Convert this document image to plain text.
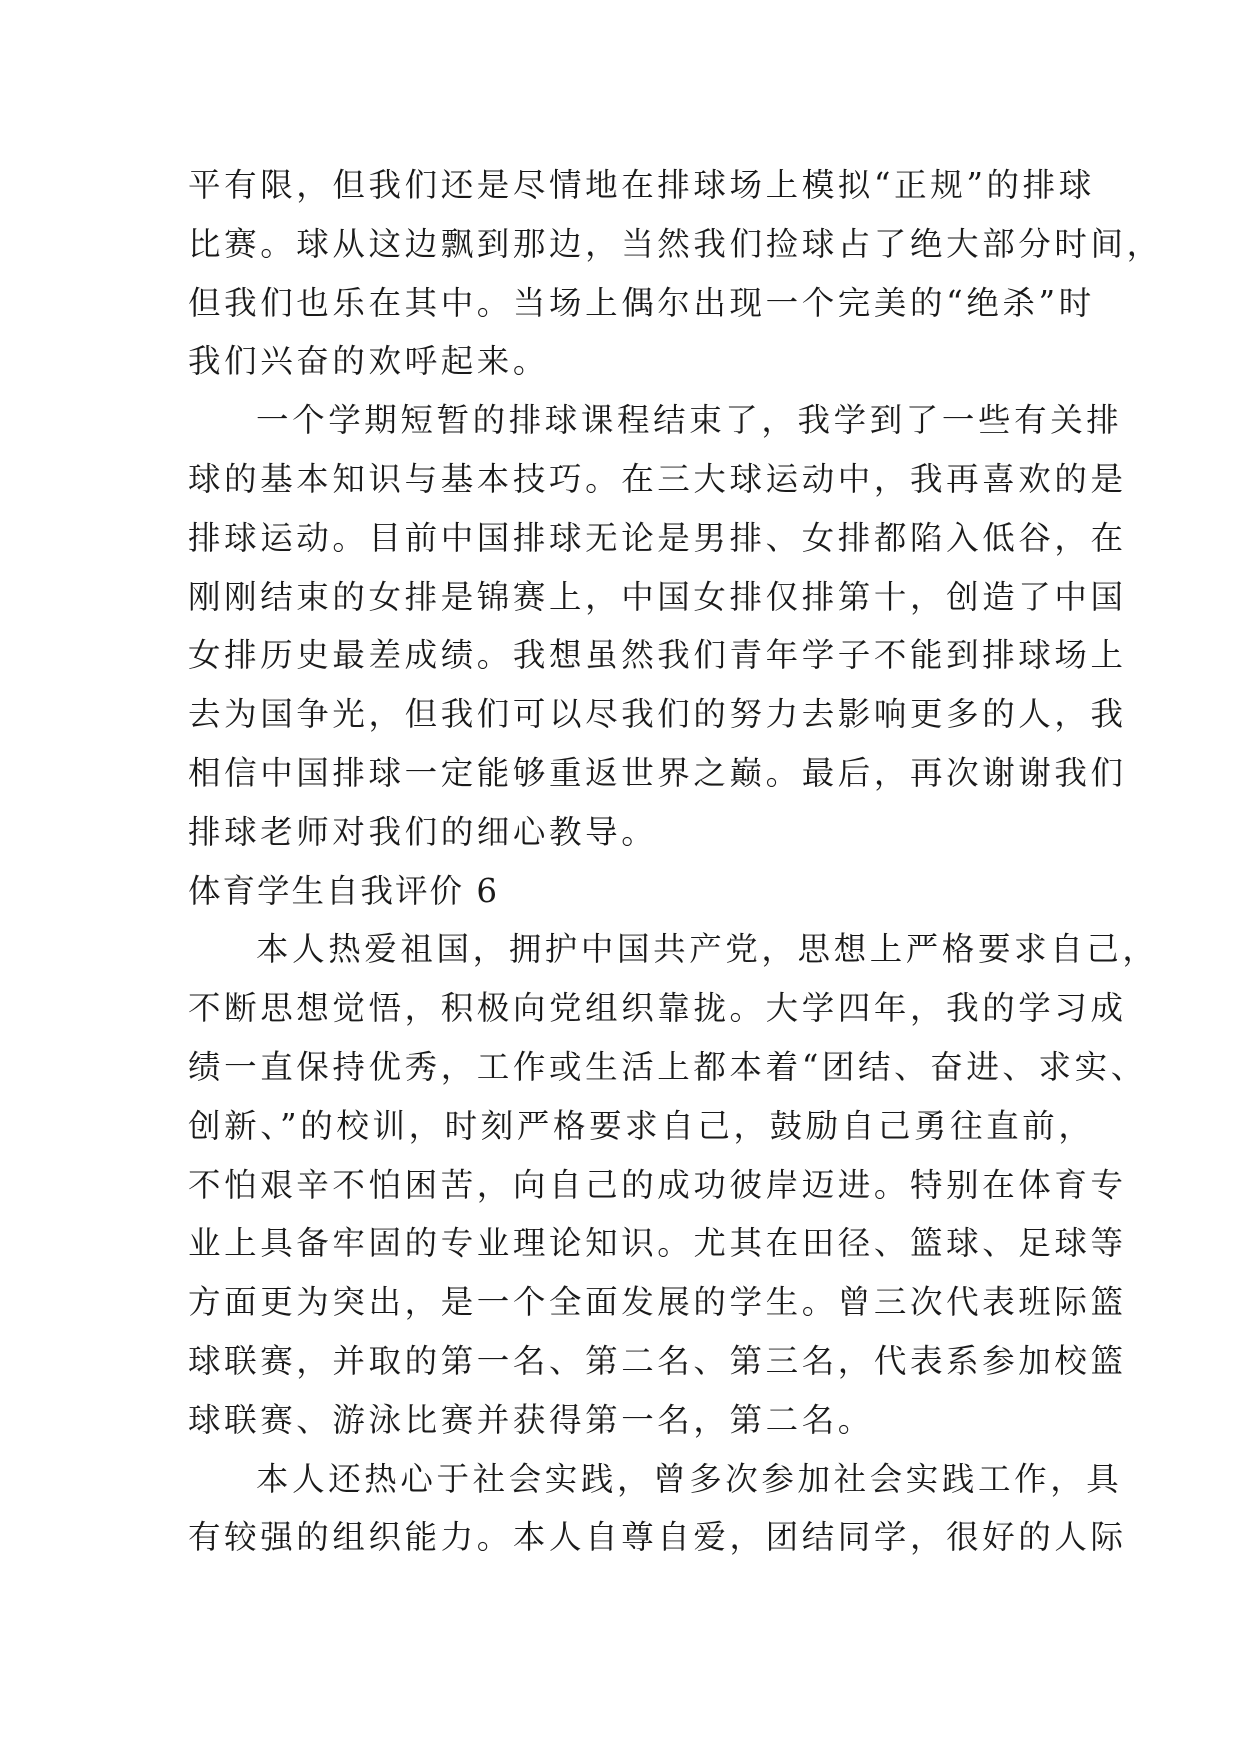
平有限，但我们还是尽情地在排球场上模拟“正规”的排球
比赛。球从这边飘到那边，当然我们捡球占了绝大部分时间，
但我们也乐在其中。当场上偶尔出现一个完美的“绝杀”时
我们兴奋的欢呼起来。
一个学期短暂的排球课程结束了，我学到了一些有关排
球的基本知识与基本技巧。在三大球运动中，我再喜欢的是
排球运动。目前中国排球无论是男排、女排都陷入低谷，在
刚刚结束的女排是锦赛上，中国女排仅排第十，创造了中国
女排历史最差成绩。我想虽然我们青年学子不能到排球场上
去为国争光，但我们可以尽我们的努力去影响更多的人，我
相信中国排球一定能够重返世界之巅。最后，再次谢谢我们
排球老师对我们的细心教导。
体育学生自我评价 6
本人热爱祖国，拥护中国共产党，思想上严格要求自己，
不断思想觉悟，积极向党组织靠拢。大学四年，我的学习成
绩一直保持优秀，工作或生活上都本着“团结、奋进、求实、
创新、”的校训，时刻严格要求自己，鼓励自己勇往直前，
不怕艰辛不怕困苦，向自己的成功彼岸迈进。特别在体育专
业上具备牢固的专业理论知识。尤其在田径、篮球、足球等
方面更为突出，是一个全面发展的学生。曾三次代表班际篮
球联赛，并取的第一名、第二名、第三名，代表系参加校篮
球联赛、游泳比赛并获得第一名，第二名。
本人还热心于社会实践，曾多次参加社会实践工作，具
有较强的组织能力。本人自尊自爱，团结同学，很好的人际
